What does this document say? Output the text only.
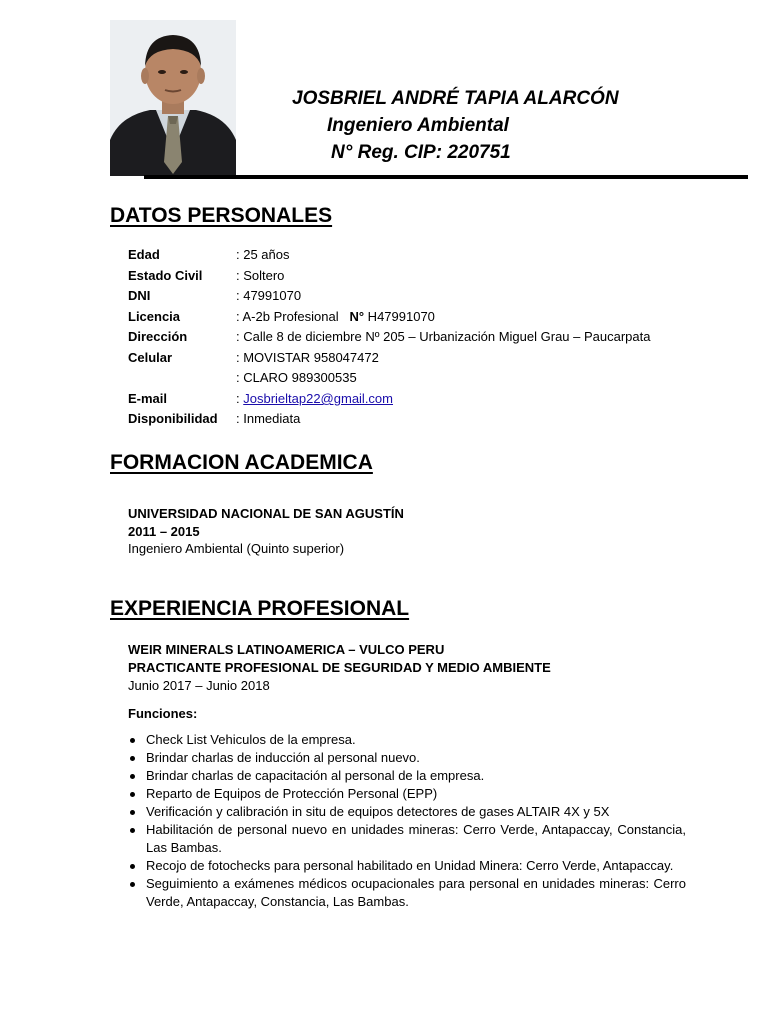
JOSBRIEL ANDRÉ TAPIA ALARCÓN
Ingeniero Ambiental
N° Reg. CIP: 220751
DATOS PERSONALES
Edad	: 25 años
Estado Civil	: Soltero
DNI	: 47991070
Licencia	: A-2b Profesional N° H47991070
Dirección	: Calle 8 de diciembre Nº 205 – Urbanización Miguel Grau – Paucarpata
Celular	: MOVISTAR 958047472
: CLARO 989300535
E-mail	: Josbrieltap22@gmail.com
Disponibilidad : Inmediata
FORMACION ACADEMICA
UNIVERSIDAD NACIONAL DE SAN AGUSTÍN
2011 – 2015
Ingeniero Ambiental (Quinto superior)
EXPERIENCIA PROFESIONAL
WEIR MINERALS LATINOAMERICA – VULCO PERU
PRACTICANTE PROFESIONAL DE SEGURIDAD Y MEDIO AMBIENTE
Junio 2017 – Junio 2018
Funciones:
Check List Vehiculos de la empresa.
Brindar charlas de inducción al personal nuevo.
Brindar charlas de capacitación al personal de la empresa.
Reparto de Equipos de Protección Personal (EPP)
Verificación y calibración in situ de equipos detectores de gases ALTAIR 4X y 5X
Habilitación de personal nuevo en unidades mineras: Cerro Verde, Antapaccay, Constancia, Las Bambas.
Recojo de fotochecks para personal habilitado en Unidad Minera: Cerro Verde, Antapaccay.
Seguimiento a exámenes médicos ocupacionales para personal en unidades mineras: Cerro Verde, Antapaccay, Constancia, Las Bambas.
